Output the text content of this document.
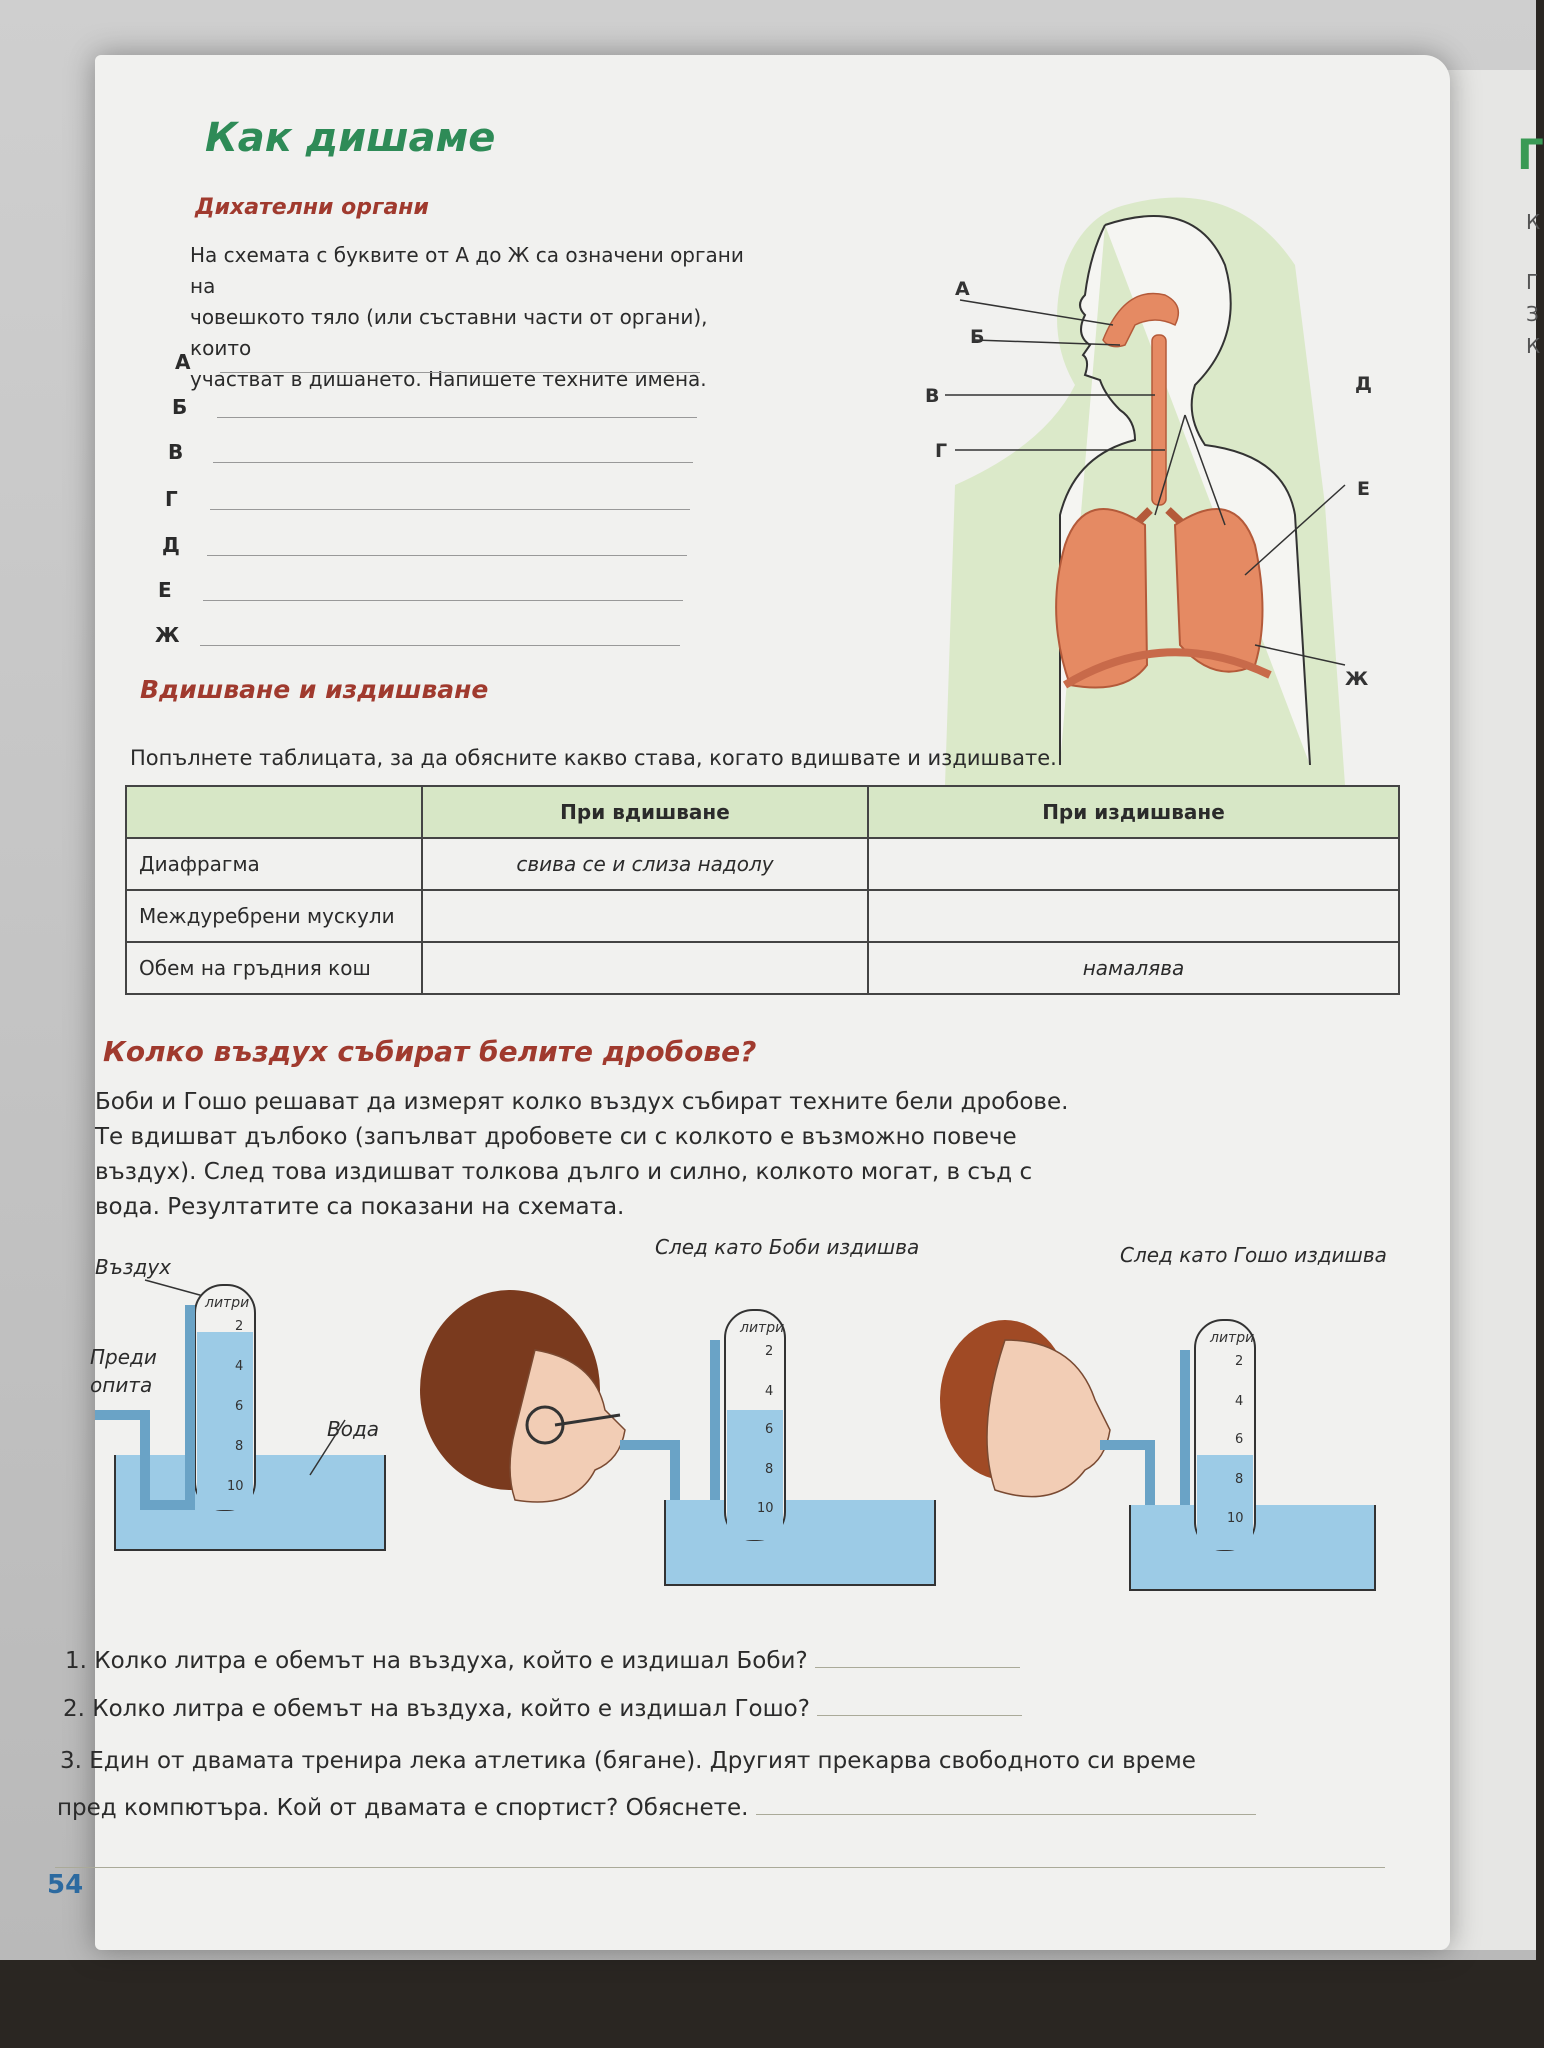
Г
К
Г
З
К
Как дишаме
Дихателни органи
На схемата с буквите от А до Ж са означени органи на
човешкото тяло (или съставни части от органи), които
участват в дишането. Напишете техните имена.
А
Б
В
Г
Д
Е
Ж
А
Б
В
Г
Д
Е
Ж
Вдишване и издишване
Попълнете таблицата, за да обясните какво става, когато вдишвате и издишвате.
	При вдишване	При издишване
Диафрагма	свива се и слиза надолу	
Междуребрени мускули		
Обем на гръдния кош		намалява
Колко въздух събират белите дробове?
Боби и Гошо решават да измерят колко въздух събират техните бели дробове.
Те вдишват дълбоко (запълват дробовете си с колкото е възможно повече
въздух). След това издишват толкова дълго и силно, колкото могат, в съд с
вода. Резултатите са показани на схемата.
Въздух
Преди
опита
Вода
литри
2
4
6
8
10
След като Боби издишва
литри
2
4
6
8
10
След като Гошо издишва
литри
2
4
6
8
10
1. Колко литра е обемът на въздуха, който е издишал Боби?
2. Колко литра е обемът на въздуха, който е издишал Гошо?
3. Един от двамата тренира лека атлетика (бягане). Другият прекарва свободното си време
пред компютъра. Кой от двамата е спортист? Обяснете.
54
